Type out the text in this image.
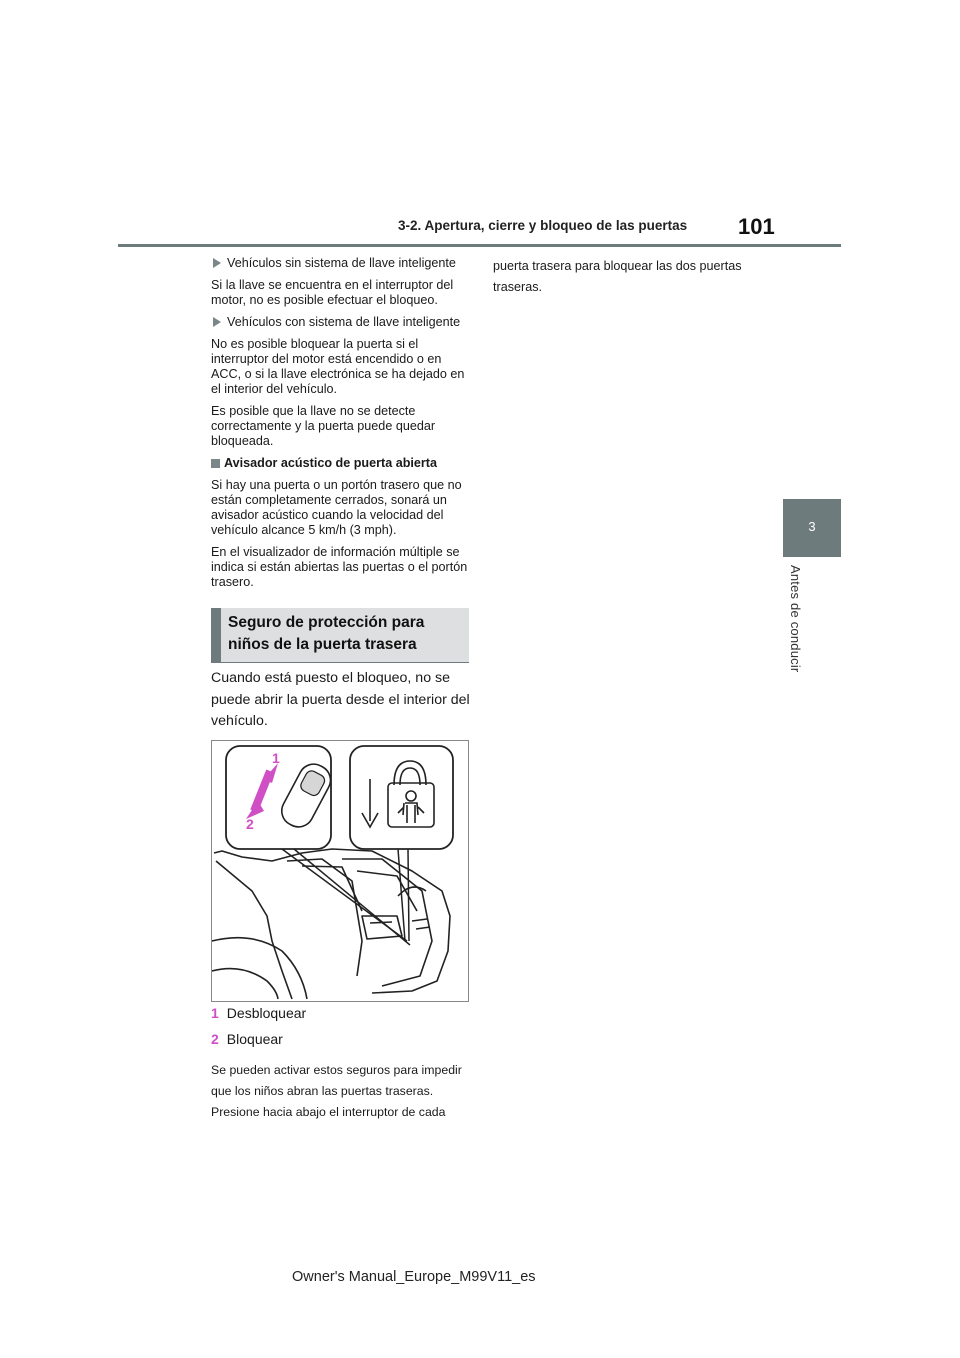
3-2. Apertura, cierre y bloqueo de las puertas 101
3
Antes de conducir

Vehículos sin sistema de llave inteligente

Si la llave se encuentra en el interruptor del motor, no es posible efectuar el bloqueo.

Vehículos con sistema de llave inteligente

No es posible bloquear la puerta si el interruptor del motor está encendido o en ACC, o si la llave electrónica se ha dejado en el interior del vehículo.

Es posible que la llave no se detecte correctamente y la puerta puede quedar bloqueada.

Avisador acústico de puerta abierta

Si hay una puerta o un portón trasero que no están completamente cerrados, sonará un avisador acústico cuando la velocidad del vehículo alcance 5 km/h (3 mph).

En el visualizador de información múltiple se indica si están abiertas las puertas o el portón trasero.

Seguro de protección para niños de la puerta trasera
Cuando está puesto el bloqueo, no se puede abrir la puerta desde el interior del vehículo.
1
2
1 Desbloquear
2 Bloquear
Se pueden activar estos seguros para impedir que los niños abran las puertas traseras. Presione hacia abajo el interruptor de cada
puerta trasera para bloquear las dos puertas traseras.
Owner's Manual_Europe_M99V11_es
